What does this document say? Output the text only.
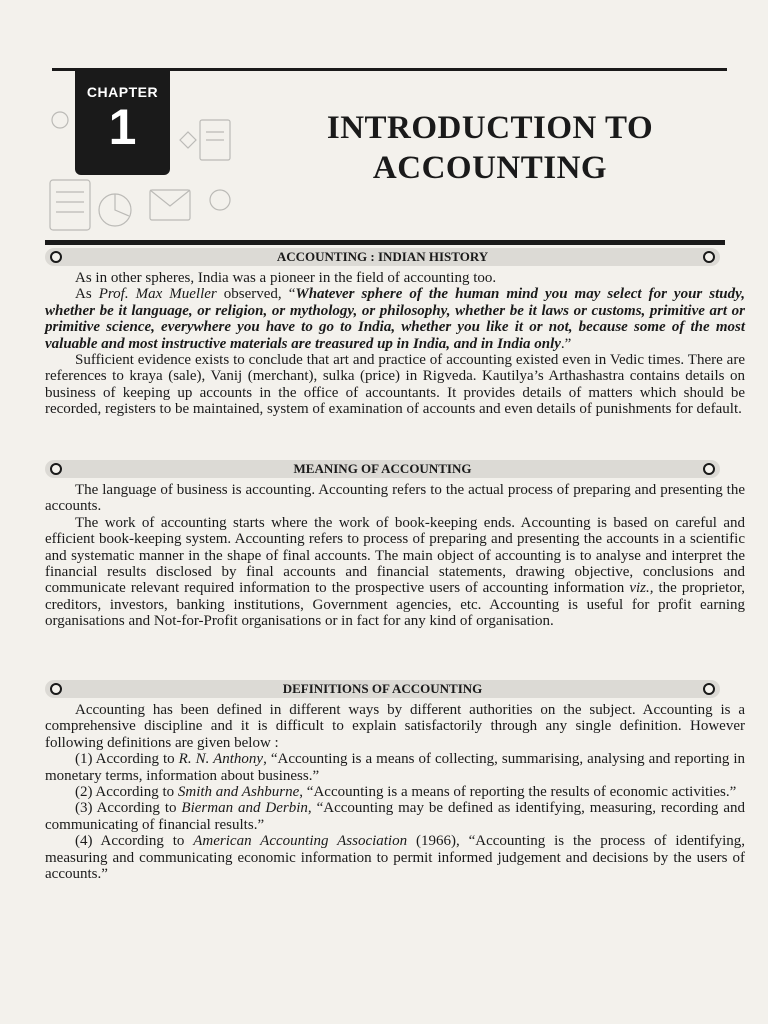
CHAPTER
1	INTRODUCTION TO
ACCOUNTING
ACCOUNTING : INDIAN HISTORY

As in other spheres, India was a pioneer in the field of accounting too.

As Prof. Max Mueller observed, “Whatever sphere of the human mind you may select for your study, whether be it language, or religion, or mythology, or philosophy, whether be it laws or customs, primitive art or primitive science, everywhere you have to go to India, whether you like it or not, because some of the most valuable and most instructive materials are treasured up in India, and in India only.”

Sufficient evidence exists to conclude that art and practice of accounting existed even in Vedic times. There are references to kraya (sale), Vanij (merchant), sulka (price) in Rigveda. Kautilya’s Arthashastra contains details on business of keeping up accounts in the office of accountants. It provides details of matters which should be recorded, registers to be maintained, system of examination of accounts and even details of punishments for default.

MEANING OF ACCOUNTING

The language of business is accounting. Accounting refers to the actual process of preparing and presenting the accounts.

The work of accounting starts where the work of book-keeping ends. Accounting is based on careful and efficient book-keeping system. Accounting refers to process of preparing and presenting the accounts in a scientific and systematic manner in the shape of final accounts. The main object of accounting is to analyse and interpret the financial results disclosed by final accounts and financial statements, drawing objective, conclusions and communicate relevant required information to the prospective users of accounting information viz., the proprietor, creditors, investors, banking institutions, Government agencies, etc. Accounting is useful for profit earning organisations and Not-for-Profit organisations or in fact for any kind of organisation.

DEFINITIONS OF ACCOUNTING

Accounting has been defined in different ways by different authorities on the subject. Accounting is a comprehensive discipline and it is difficult to explain satisfactorily through any single definition. However following definitions are given below :

(1) According to R. N. Anthony, “Accounting is a means of collecting, summarising, analysing and reporting in monetary terms, information about business.”

(2) According to Smith and Ashburne, “Accounting is a means of reporting the results of economic activities.”

(3) According to Bierman and Derbin, “Accounting may be defined as identifying, measuring, recording and communicating of financial results.”

(4) According to American Accounting Association (1966), “Accounting is the process of identifying, measuring and communicating economic information to permit informed judgement and decisions by the users of accounts.”
